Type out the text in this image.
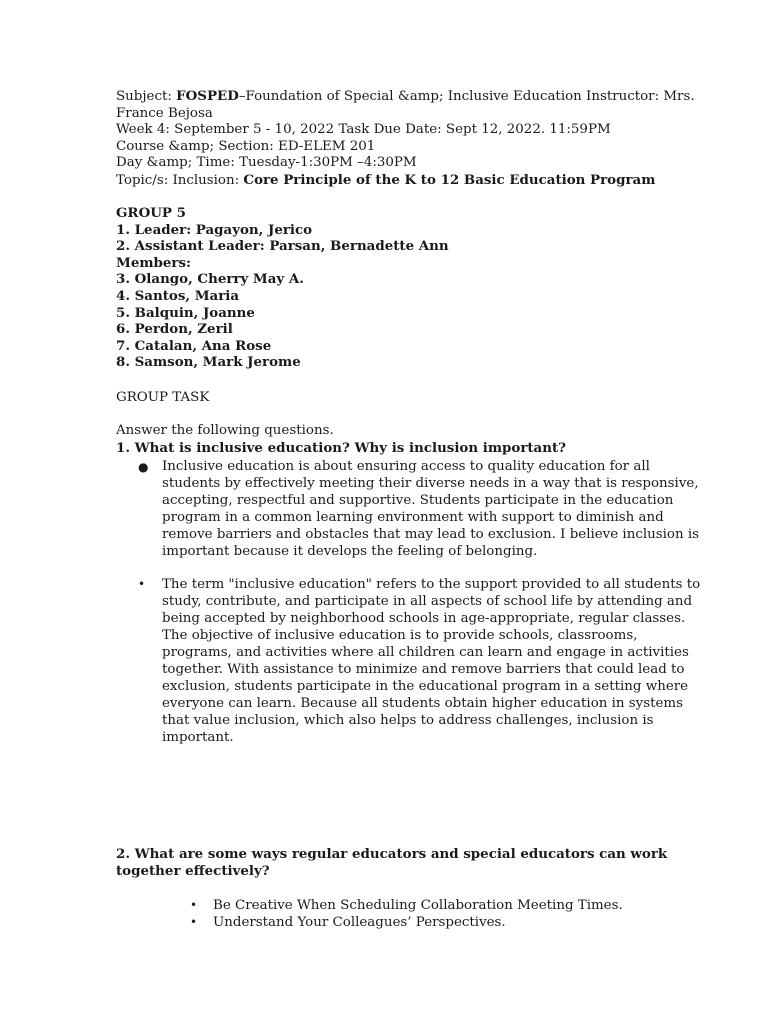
Subject: FOSPED–Foundation of Special &amp; Inclusive Education Instructor: Mrs.
France Bejosa
Week 4: September 5 - 10, 2022 Task Due Date: Sept 12, 2022. 11:59PM
Course &amp; Section: ED-ELEM 201
Day &amp; Time: Tuesday-1:30PM –4:30PM
Topic/s: Inclusion: Core Principle of the K to 12 Basic Education Program
GROUP 5
1. Leader: Pagayon, Jerico
2. Assistant Leader: Parsan, Bernadette Ann
Members:
3. Olango, Cherry May A.
4. Santos, Maria
5. Balquin, Joanne
6. Perdon, Zeril
7. Catalan, Ana Rose
8. Samson, Mark Jerome
GROUP TASK
Answer the following questions.
1. What is inclusive education? Why is inclusion important?
● Inclusive education is about ensuring access to quality education for all
students by effectively meeting their diverse needs in a way that is responsive,
accepting, respectful and supportive. Students participate in the education
program in a common learning environment with support to diminish and
remove barriers and obstacles that may lead to exclusion. I believe inclusion is
important because it develops the feeling of belonging.
• The term "inclusive education" refers to the support provided to all students to
study, contribute, and participate in all aspects of school life by attending and
being accepted by neighborhood schools in age-appropriate, regular classes.
The objective of inclusive education is to provide schools, classrooms,
programs, and activities where all children can learn and engage in activities
together. With assistance to minimize and remove barriers that could lead to
exclusion, students participate in the educational program in a setting where
everyone can learn. Because all students obtain higher education in systems
that value inclusion, which also helps to address challenges, inclusion is
important.
2. What are some ways regular educators and special educators can work
together effectively?
• Be Creative When Scheduling Collaboration Meeting Times.
• Understand Your Colleagues’ Perspectives.
